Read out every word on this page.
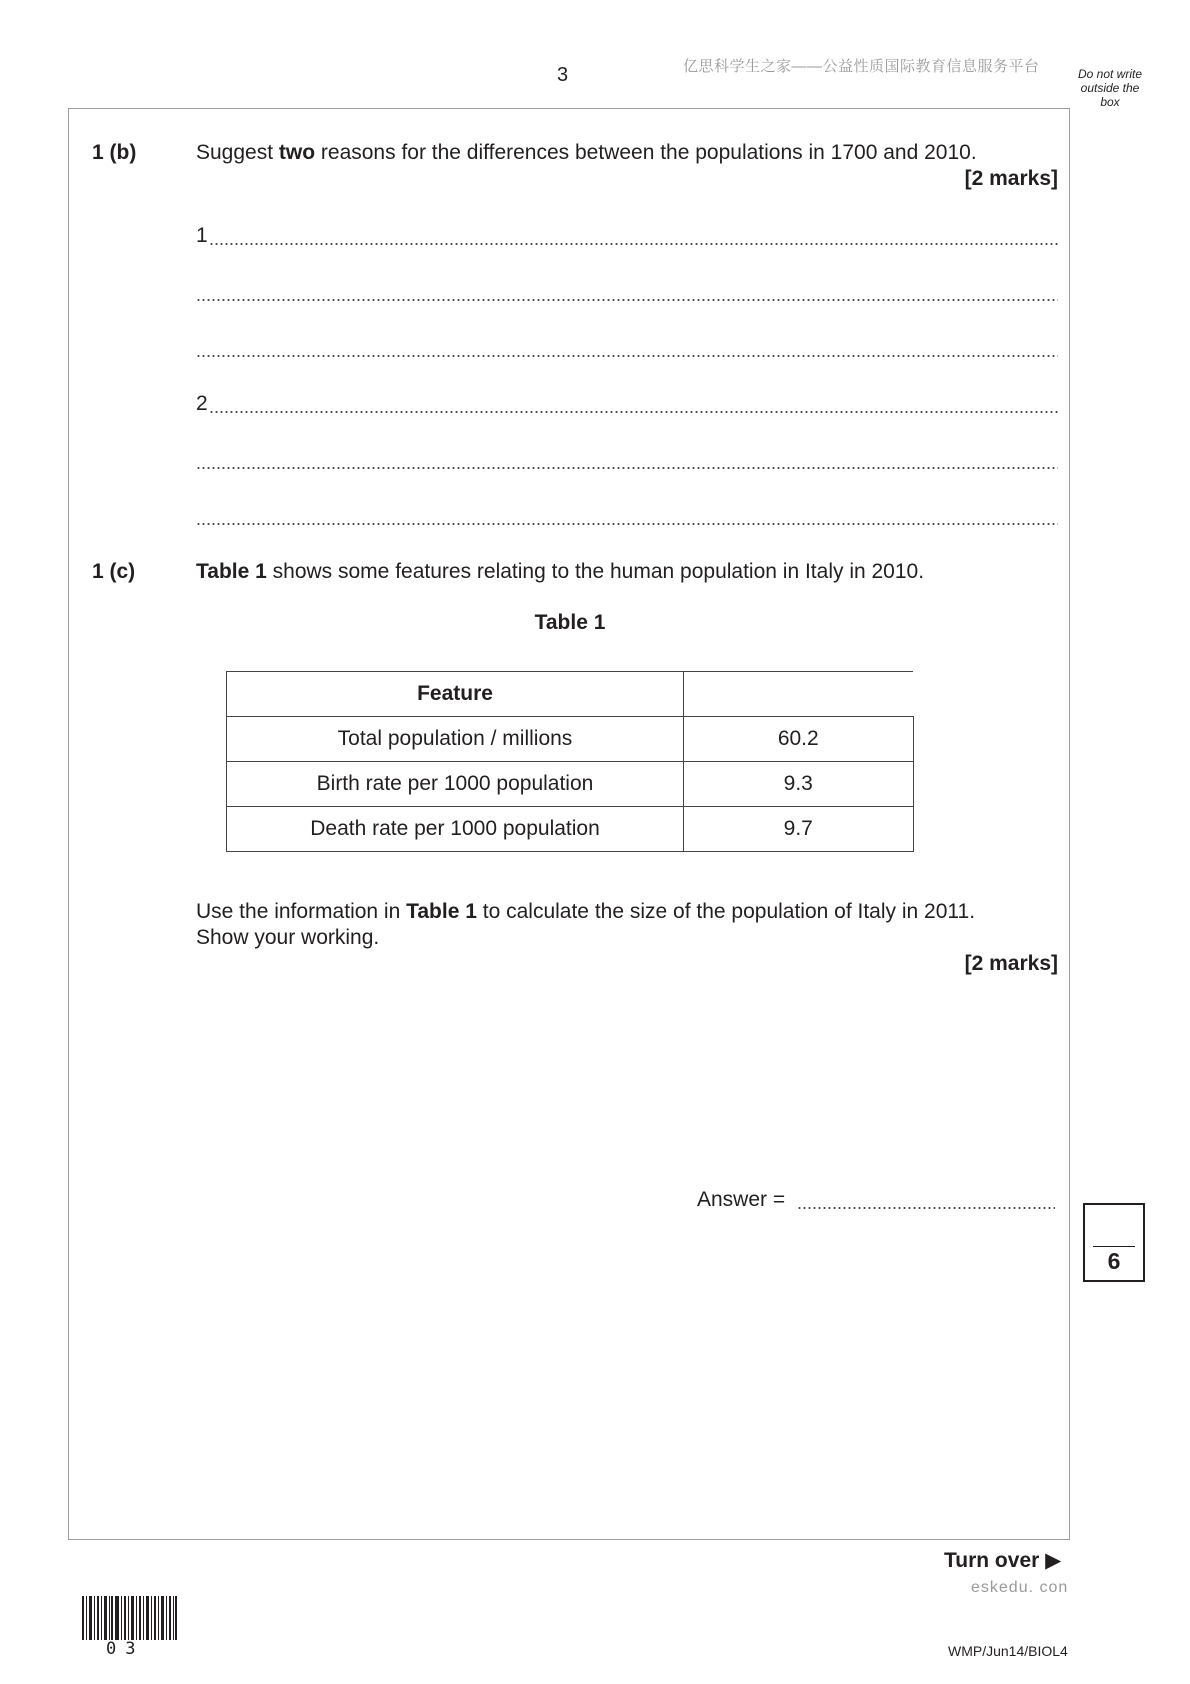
3	亿思科学生之家——公益性质国际教育信息服务平台	Do not write outside the box
1 (b)	Suggest two reasons for the differences between the populations in 1700 and 2010.
[2 marks]
1
2
1 (c)	Table 1 shows some features relating to the human population in Italy in 2010.
Table 1
Feature	
Total population / millions	60.2
Birth rate per 1000 population	9.3
Death rate per 1000 population	9.7
Use the information in Table 1 to calculate the size of the population of Italy in 2011.
Show your working.
[2 marks]
Answer =
6
Turn over ▶
eskedu. con
03	WMP/Jun14/BIOL4
